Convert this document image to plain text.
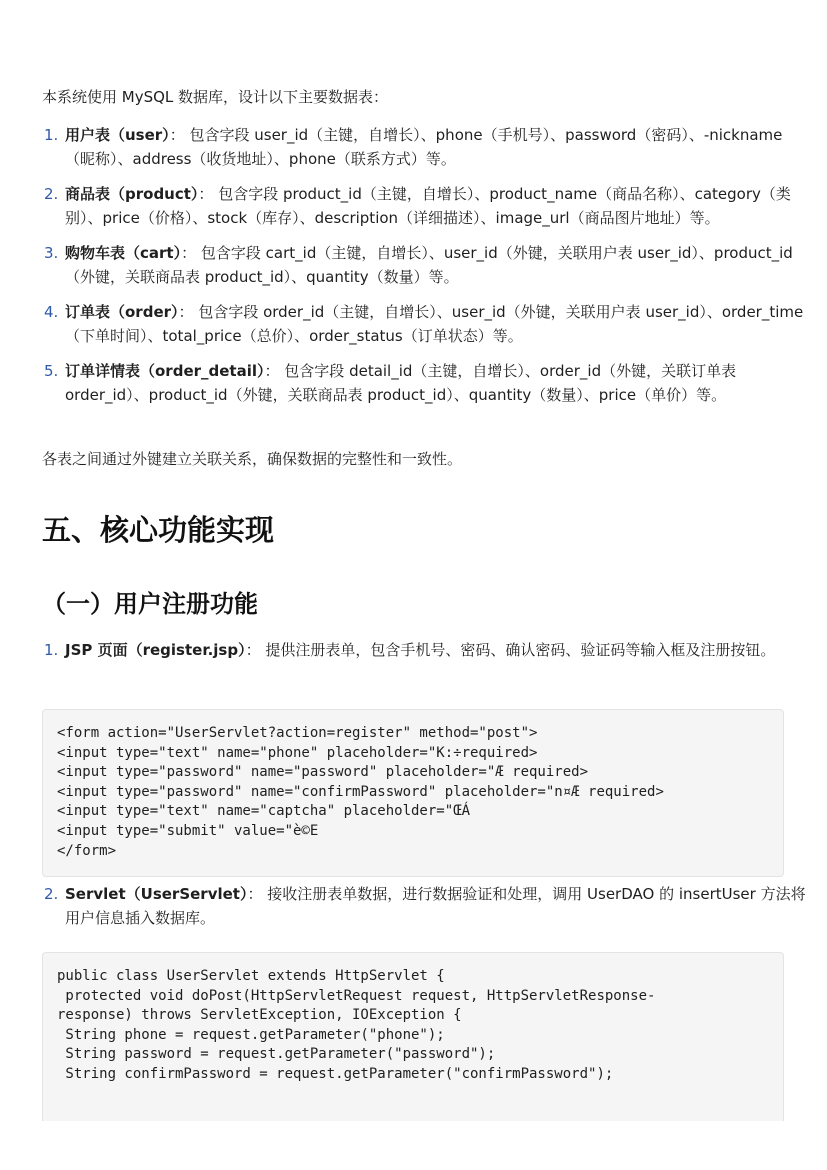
本系统使用 MySQL 数据库，设计以下主要数据表：

1. 用户表（user）： 包含字段 user_id（主键，自增长）、phone（手机号）、password（密码）、-nickname（昵称）、address（收货地址）、phone（联系方式）等。
2. 商品表（product）： 包含字段 product_id（主键，自增长）、product_name（商品名称）、category（类别）、price（价格）、stock（库存）、description（详细描述）、image_url（商品图片地址）等。
3. 购物车表（cart）： 包含字段 cart_id（主键，自增长）、user_id（外键，关联用户表 user_id）、product_id（外键，关联商品表 product_id）、quantity（数量）等。
4. 订单表（order）： 包含字段 order_id（主键，自增长）、user_id（外键，关联用户表 user_id）、order_time（下单时间）、total_price（总价）、order_status（订单状态）等。
5. 订单详情表（order_detail）： 包含字段 detail_id（主键，自增长）、order_id（外键，关联订单表 order_id）、product_id（外键，关联商品表 product_id）、quantity（数量）、price（单价）等。

各表之间通过外键建立关联关系，确保数据的完整性和一致性。

五、核心功能实现
（一）用户注册功能
1. JSP 页面（register.jsp）： 提供注册表单，包含手机号、密码、确认密码、验证码等输入框及注册按钮。
<form action="UserServlet?action=register" method="post">
<input type="text" name="phone" placeholder="K:÷required>
<input type="password" name="password" placeholder="Æ required>
<input type="password" name="confirmPassword" placeholder="n¤Æ required>
<input type="text" name="captcha" placeholder="ŒÁ
<input type="submit" value="è©E
</form>
2. Servlet（UserServlet）： 接收注册表单数据，进行数据验证和处理，调用 UserDAO 的 insertUser 方法将用户信息插入数据库。
public class UserServlet extends HttpServlet {
protected void doPost(HttpServletRequest request, HttpServletResponse-
response) throws ServletException, IOException {
String phone = request.getParameter("phone");
String password = request.getParameter("password");
String confirmPassword = request.getParameter("confirmPassword");
